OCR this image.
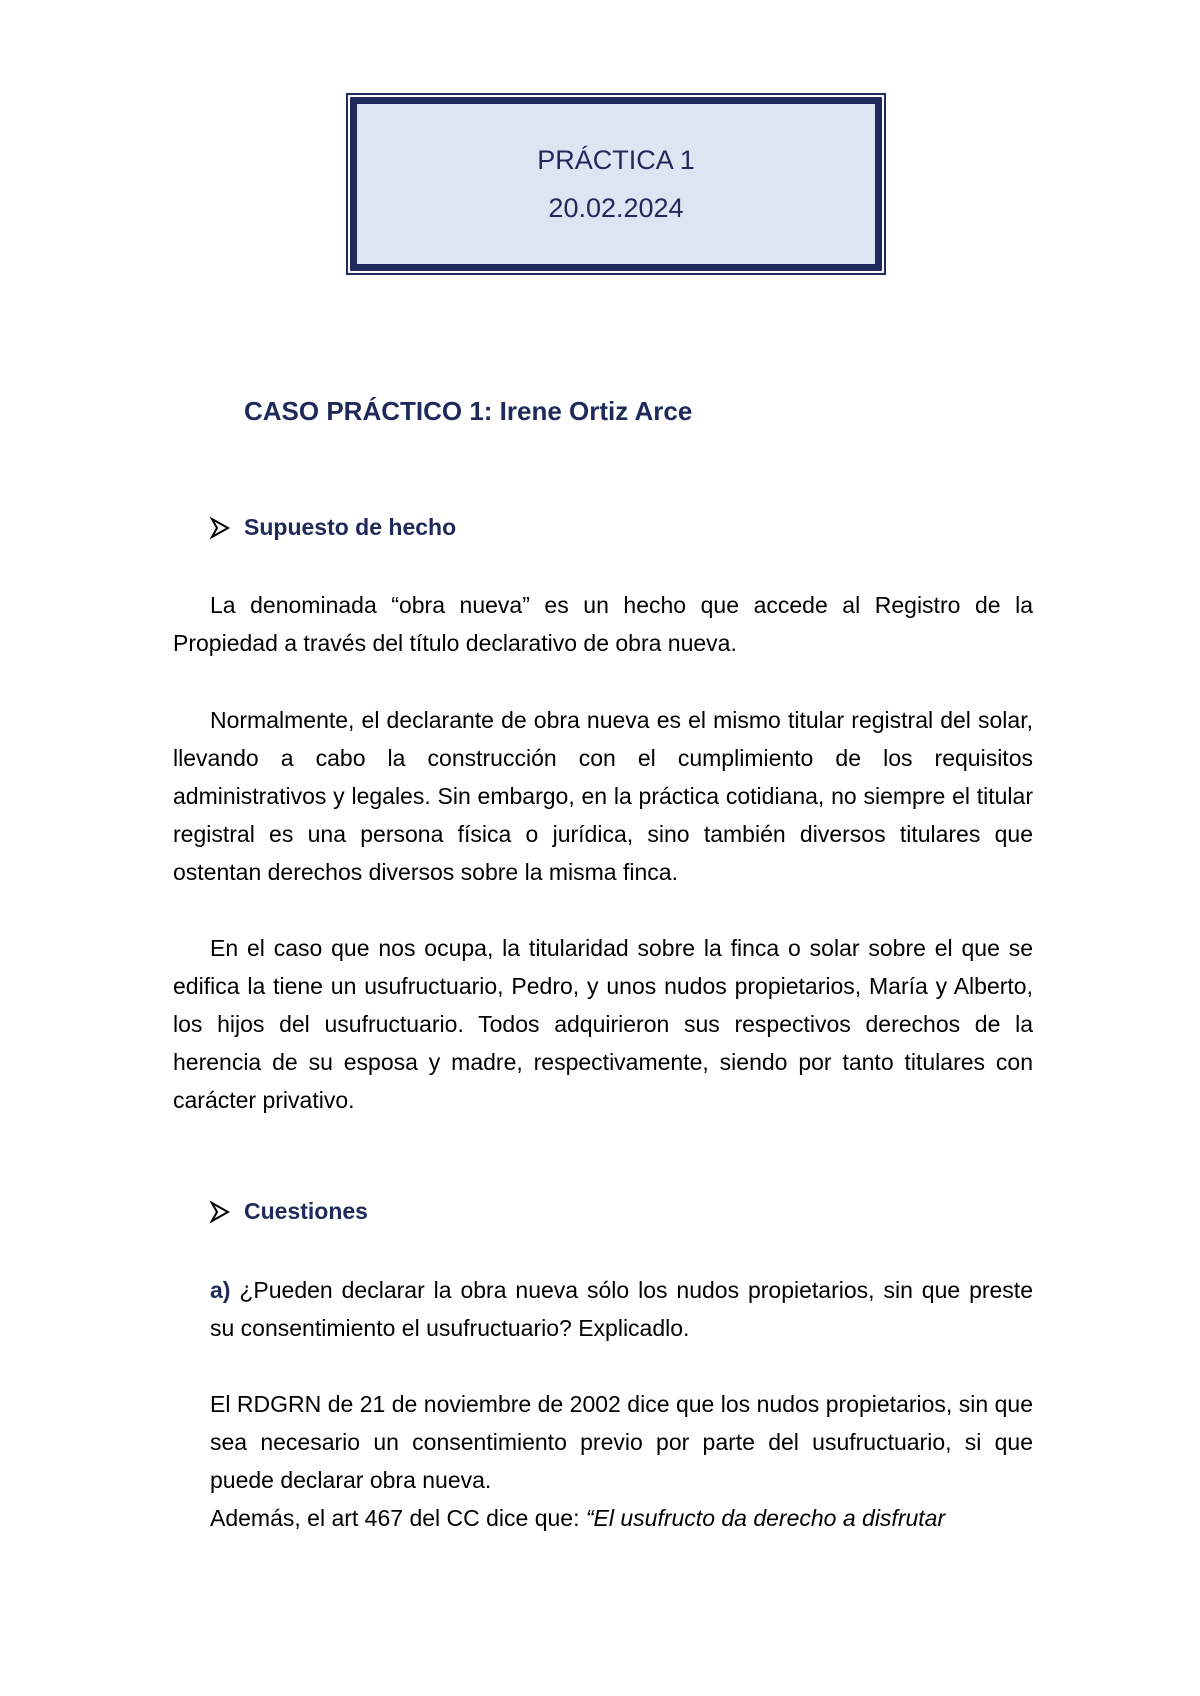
PRÁCTICA 1
20.02.2024
CASO PRÁCTICO 1: Irene Ortiz Arce
Supuesto de hecho

La denominada “obra nueva” es un hecho que accede al Registro de la Propiedad a través del título declarativo de obra nueva.

Normalmente, el declarante de obra nueva es el mismo titular registral del solar, llevando a cabo la construcción con el cumplimiento de los requisitos administrativos y legales. Sin embargo, en la práctica cotidiana, no siempre el titular registral es una persona física o jurídica, sino también diversos titulares que ostentan derechos diversos sobre la misma finca.

En el caso que nos ocupa, la titularidad sobre la finca o solar sobre el que se edifica la tiene un usufructuario, Pedro, y unos nudos propietarios, María y Alberto, los hijos del usufructuario. Todos adquirieron sus respectivos derechos de la herencia de su esposa y madre, respectivamente, siendo por tanto titulares con carácter privativo.

Cuestiones

a) ¿Pueden declarar la obra nueva sólo los nudos propietarios, sin que preste su consentimiento el usufructuario? Explicadlo.

El RDGRN de 21 de noviembre de 2002 dice que los nudos propietarios, sin que sea necesario un consentimiento previo por parte del usufructuario, si que puede declarar obra nueva.

Además, el art 467 del CC dice que: “El usufructo da derecho a disfrutar
